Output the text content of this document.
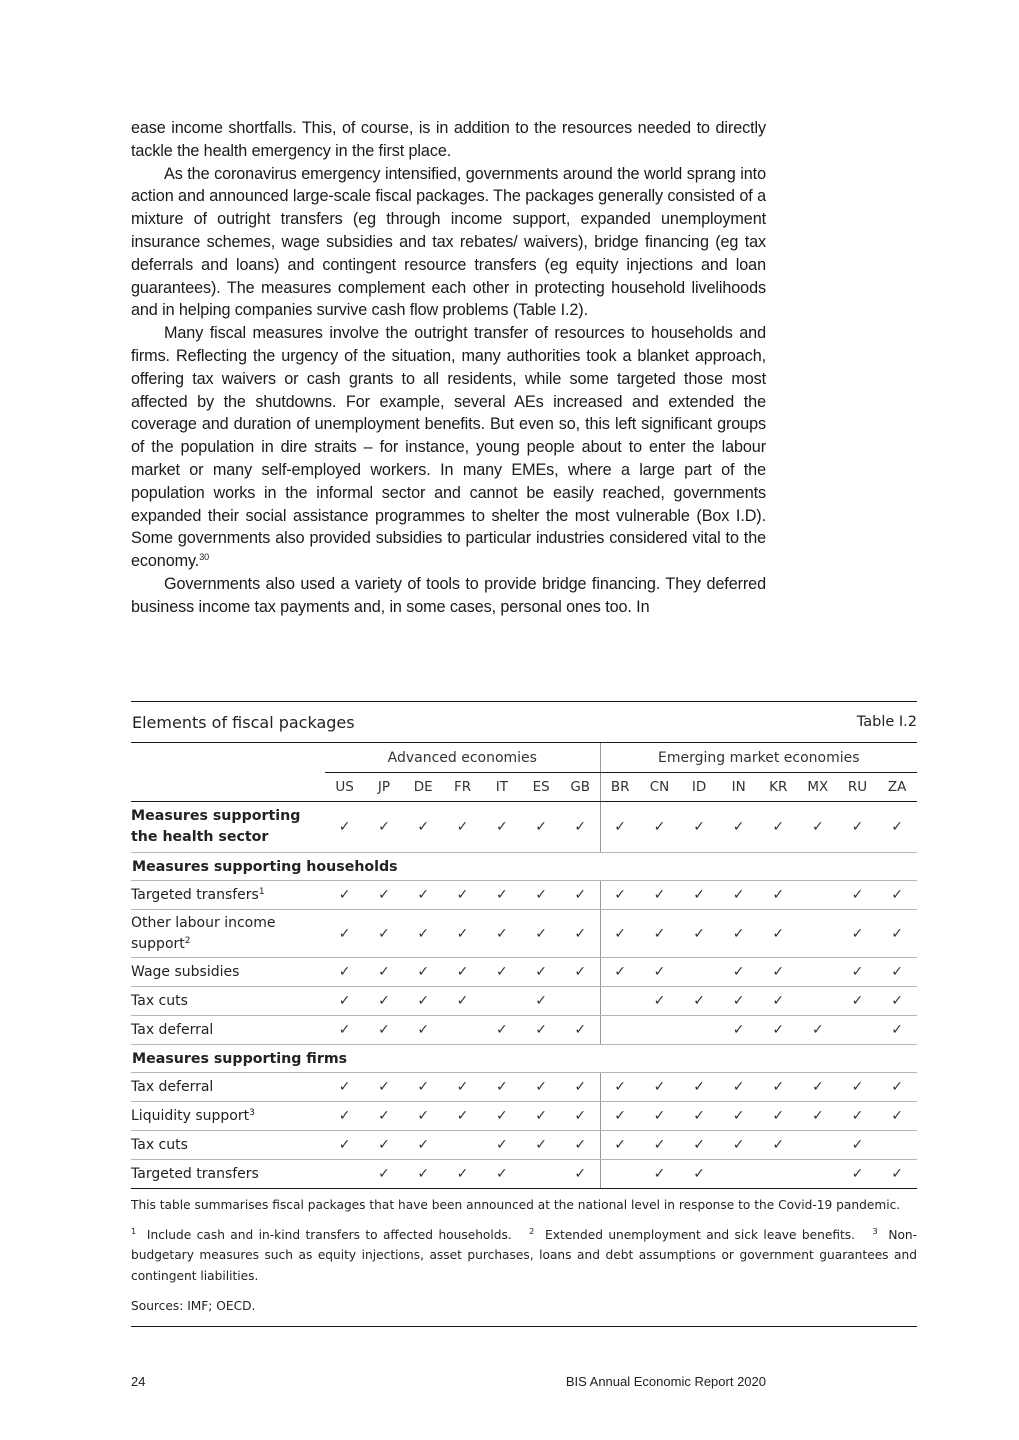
ease income shortfalls. This, of course, is in addition to the resources needed to directly tackle the health emergency in the first place.

As the coronavirus emergency intensified, governments around the world sprang into action and announced large-scale fiscal packages. The packages generally consisted of a mixture of outright transfers (eg through income support, expanded unemployment insurance schemes, wage subsidies and tax rebates/ waivers), bridge financing (eg tax deferrals and loans) and contingent resource transfers (eg equity injections and loan guarantees). The measures complement each other in protecting household livelihoods and in helping companies survive cash flow problems (Table I.2).

Many fiscal measures involve the outright transfer of resources to households and firms. Reflecting the urgency of the situation, many authorities took a blanket approach, offering tax waivers or cash grants to all residents, while some targeted those most affected by the shutdowns. For example, several AEs increased and extended the coverage and duration of unemployment benefits. But even so, this left significant groups of the population in dire straits – for instance, young people about to enter the labour market or many self-employed workers. In many EMEs, where a large part of the population works in the informal sector and cannot be easily reached, governments expanded their social assistance programmes to shelter the most vulnerable (Box I.D). Some governments also provided subsidies to particular industries considered vital to the economy.$^{30}$

Governments also used a variety of tools to provide bridge financing. They deferred business income tax payments and, in some cases, personal ones too. In

Elements of fiscal packages	Table I.2
	Advanced economies							Emerging market economies							
	US	JP	DE	FR	IT	ES	GB	BR	CN	ID	IN	KR	MX	RU	ZA
Measures supporting the health sector	✓	✓	✓	✓	✓	✓	✓	✓	✓	✓	✓	✓	✓	✓	✓
Measures supporting households															
Targeted transfers$^1$	✓	✓	✓	✓	✓	✓	✓	✓	✓	✓	✓	✓		✓	✓
Other labour income support$^2$	✓	✓	✓	✓	✓	✓	✓	✓	✓	✓	✓	✓		✓	✓
Wage subsidies	✓	✓	✓	✓	✓	✓	✓	✓	✓		✓	✓		✓	✓
Tax cuts	✓	✓	✓	✓		✓			✓	✓	✓	✓		✓	✓
Tax deferral	✓	✓	✓		✓	✓	✓				✓	✓	✓		✓
Measures supporting firms															
Tax deferral	✓	✓	✓	✓	✓	✓	✓	✓	✓	✓	✓	✓	✓	✓	✓
Liquidity support$^3$	✓	✓	✓	✓	✓	✓	✓	✓	✓	✓	✓	✓	✓	✓	✓
Tax cuts	✓	✓	✓		✓	✓	✓	✓	✓	✓	✓	✓		✓	
Targeted transfers		✓	✓	✓	✓		✓		✓	✓				✓	✓

This table summarises fiscal packages that have been announced at the national level in response to the Covid-19 pandemic.

$^1$ Include cash and in-kind transfers to affected households. $^2$ Extended unemployment and sick leave benefits. $^3$ Non-budgetary measures such as equity injections, asset purchases, loans and debt assumptions or government guarantees and contingent liabilities.

Sources: IMF; OECD.

24	BIS Annual Economic Report 2020
